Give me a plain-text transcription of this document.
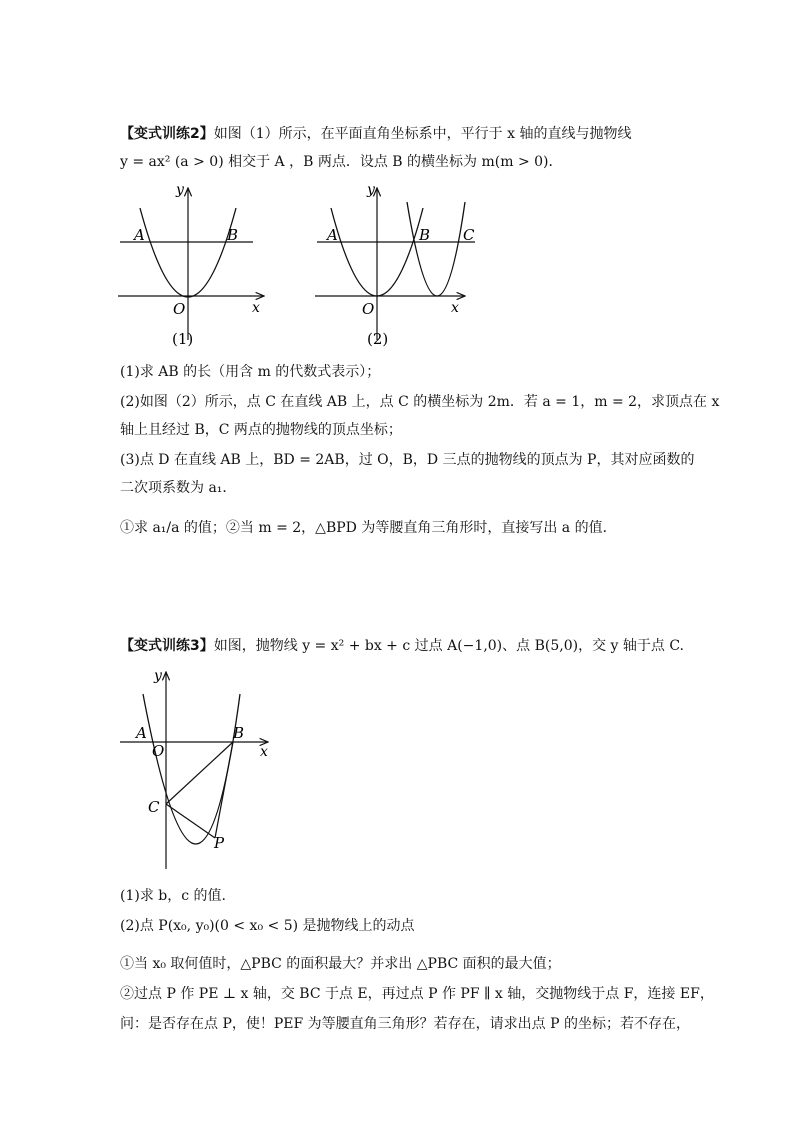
【变式训练2】如图（1）所示，在平面直角坐标系中，平行于 x 轴的直线与抛物线
y = ax² (a > 0) 相交于 A ，B 两点．设点 B 的横坐标为 m(m > 0)．
y
x
A	B
O
(1)
y
x
A	B C
O
(2)
(1)求 AB 的长（用含 m 的代数式表示）；
(2)如图（2）所示，点 C 在直线 AB 上，点 C 的横坐标为 2m．若 a = 1，m = 2，求顶点在 x
轴上且经过 B，C 两点的抛物线的顶点坐标；
(3)点 D 在直线 AB 上，BD = 2AB，过 O，B，D 三点的抛物线的顶点为 P，其对应函数的
二次项系数为 a₁．
①求 a₁/a 的值；②当 m = 2，△BPD 为等腰直角三角形时，直接写出 a 的值．
【变式训练3】如图，抛物线 y = x² + bx + c 过点 A(−1,0)、点 B(5,0)，交 y 轴于点 C.
y
x
A	B
O
C
P
(1)求 b，c 的值.
(2)点 P(x₀, y₀)(0 < x₀ < 5) 是抛物线上的动点
①当 x₀ 取何值时，△PBC 的面积最大？并求出 △PBC 面积的最大值；
②过点 P 作 PE ⊥ x 轴，交 BC 于点 E，再过点 P 作 PF ∥ x 轴，交抛物线于点 F，连接 EF，
问：是否存在点 P，使！PEF 为等腰直角三角形？若存在，请求出点 P 的坐标；若不存在，
